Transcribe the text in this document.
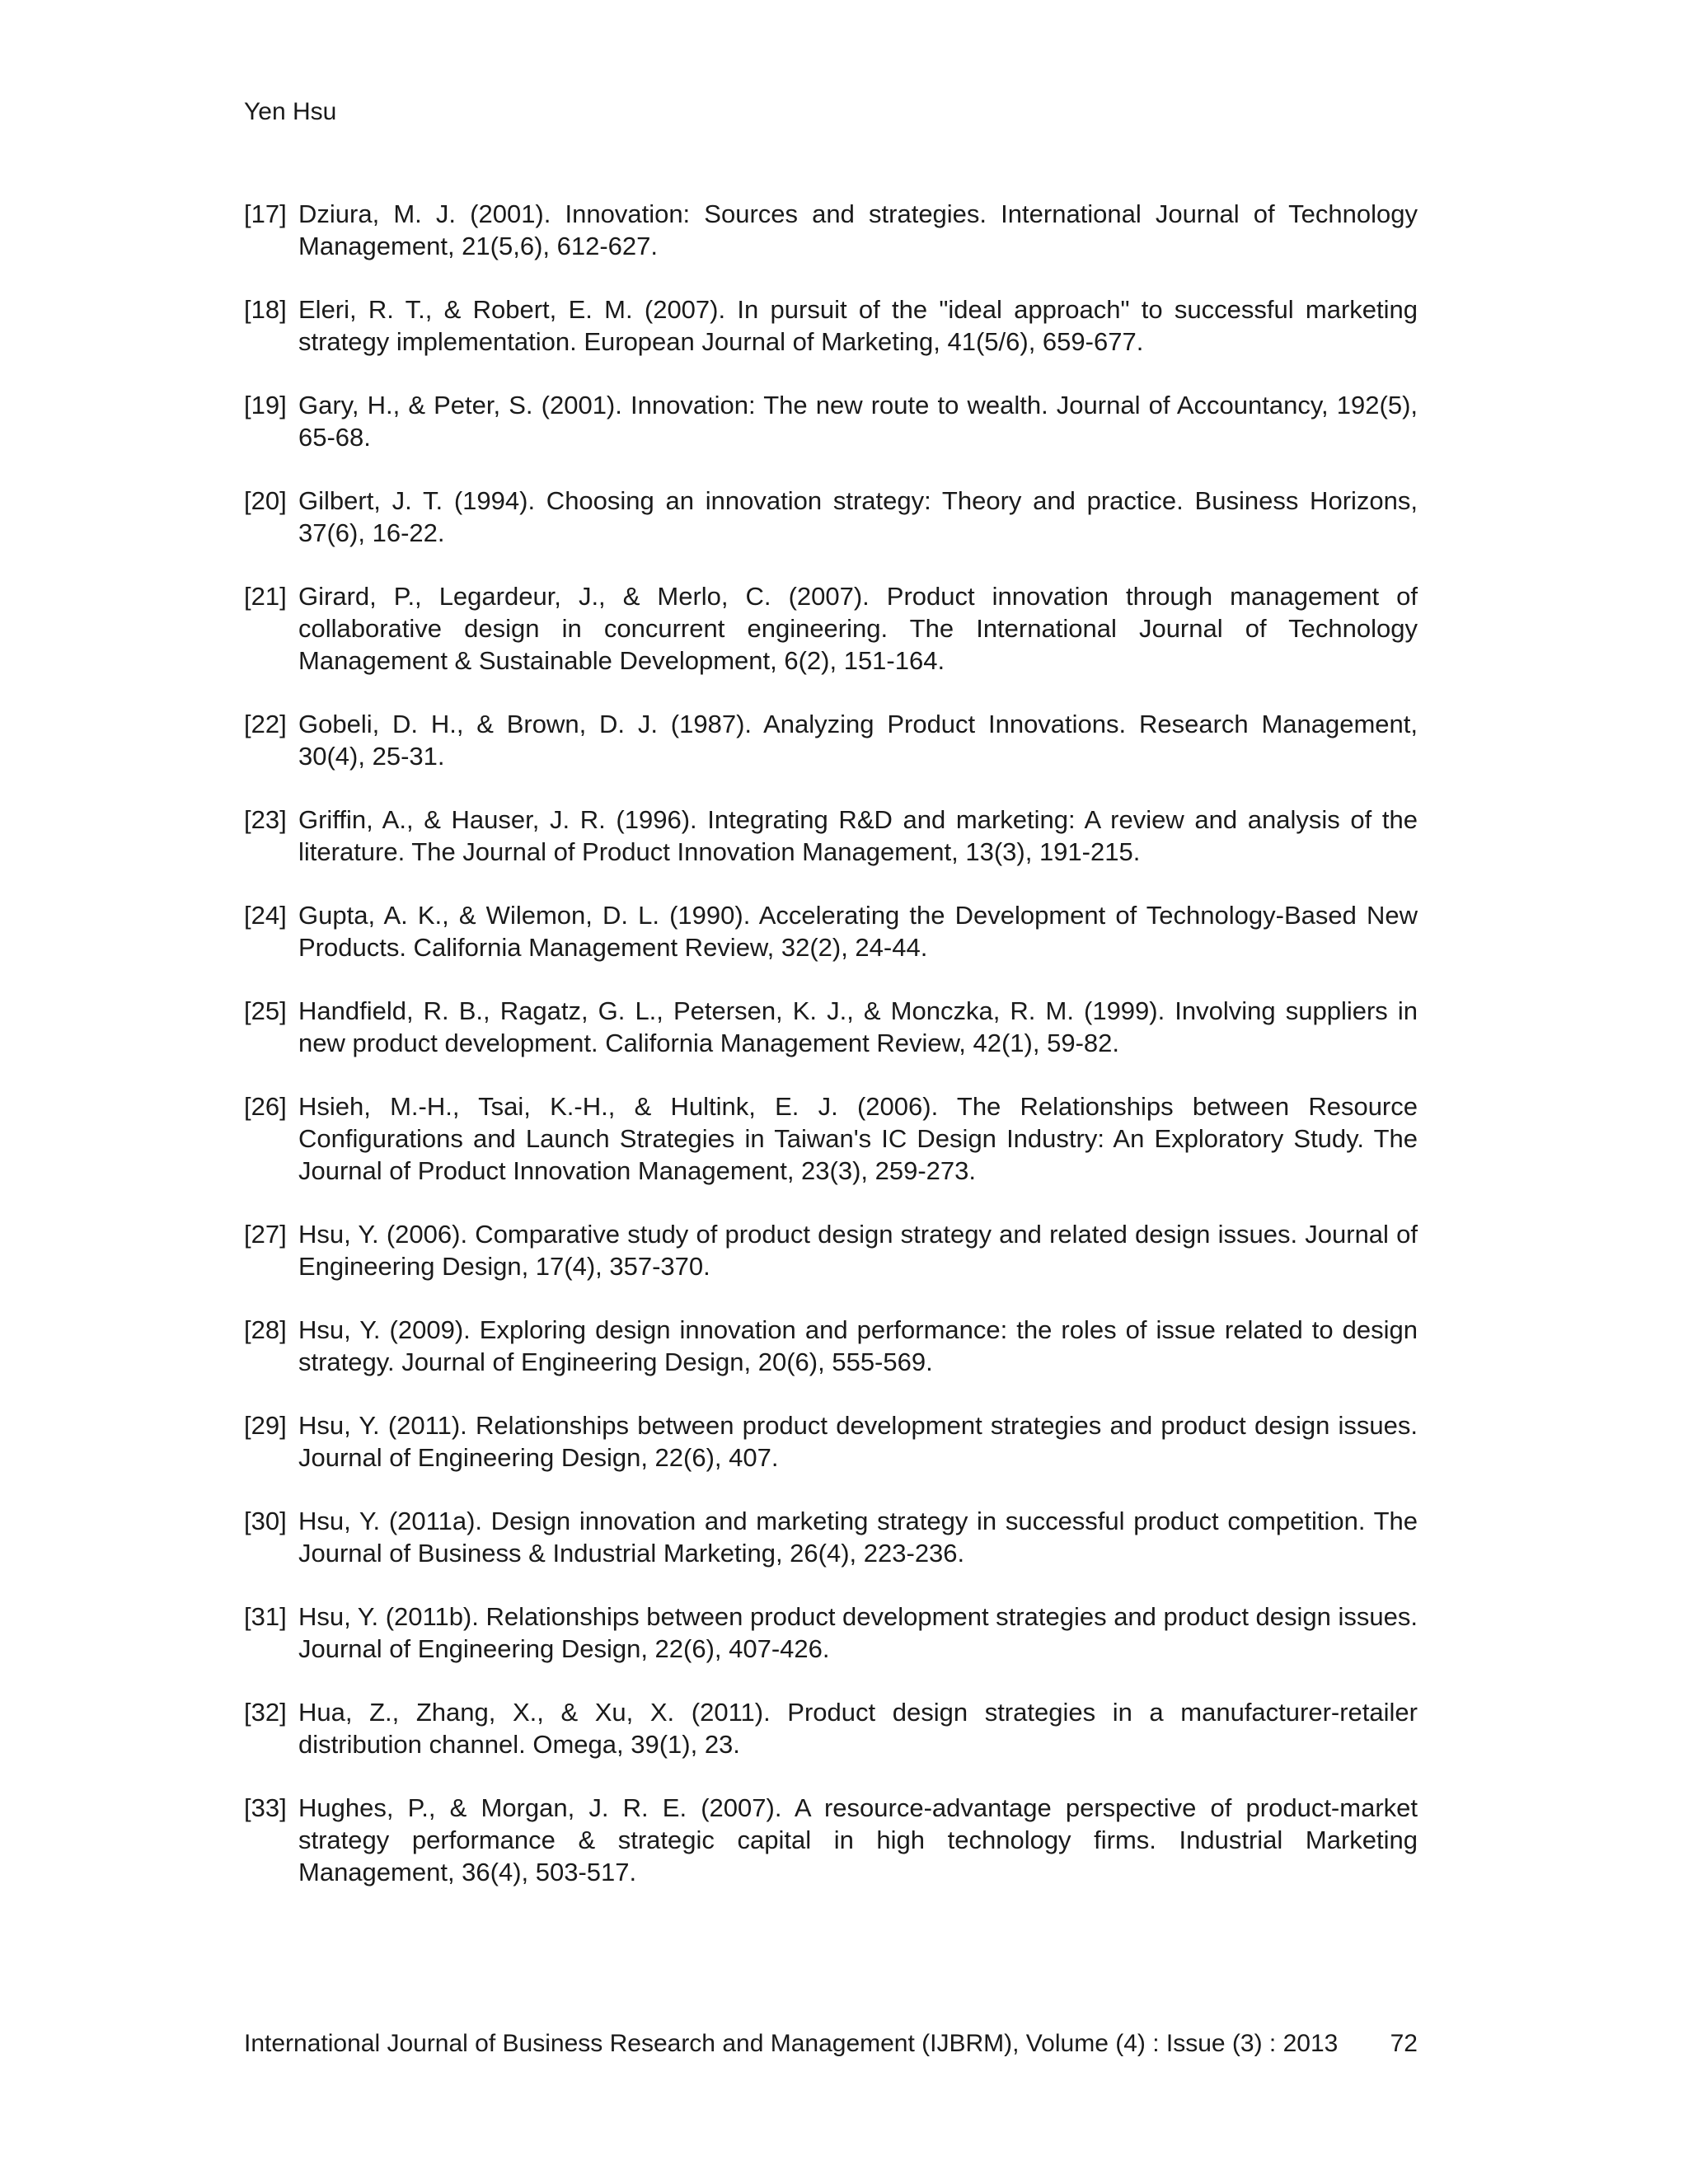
Yen Hsu
[17] Dziura, M. J. (2001). Innovation: Sources and strategies. International Journal of Technology Management, 21(5,6), 612-627.
[18] Eleri, R. T., & Robert, E. M. (2007). In pursuit of the "ideal approach" to successful marketing strategy implementation. European Journal of Marketing, 41(5/6), 659-677.
[19] Gary, H., & Peter, S. (2001). Innovation: The new route to wealth. Journal of Accountancy, 192(5), 65-68.
[20] Gilbert, J. T. (1994). Choosing an innovation strategy: Theory and practice. Business Horizons, 37(6), 16-22.
[21] Girard, P., Legardeur, J., & Merlo, C. (2007). Product innovation through management of collaborative design in concurrent engineering. The International Journal of Technology Management & Sustainable Development, 6(2), 151-164.
[22] Gobeli, D. H., & Brown, D. J. (1987). Analyzing Product Innovations. Research Management, 30(4), 25-31.
[23] Griffin, A., & Hauser, J. R. (1996). Integrating R&D and marketing: A review and analysis of the literature. The Journal of Product Innovation Management, 13(3), 191-215.
[24] Gupta, A. K., & Wilemon, D. L. (1990). Accelerating the Development of Technology-Based New Products. California Management Review, 32(2), 24-44.
[25] Handfield, R. B., Ragatz, G. L., Petersen, K. J., & Monczka, R. M. (1999). Involving suppliers in new product development. California Management Review, 42(1), 59-82.
[26] Hsieh, M.-H., Tsai, K.-H., & Hultink, E. J. (2006). The Relationships between Resource Configurations and Launch Strategies in Taiwan's IC Design Industry: An Exploratory Study. The Journal of Product Innovation Management, 23(3), 259-273.
[27] Hsu, Y. (2006). Comparative study of product design strategy and related design issues. Journal of Engineering Design, 17(4), 357-370.
[28] Hsu, Y. (2009). Exploring design innovation and performance: the roles of issue related to design strategy. Journal of Engineering Design, 20(6), 555-569.
[29] Hsu, Y. (2011). Relationships between product development strategies and product design issues. Journal of Engineering Design, 22(6), 407.
[30] Hsu, Y. (2011a). Design innovation and marketing strategy in successful product competition. The Journal of Business & Industrial Marketing, 26(4), 223-236.
[31] Hsu, Y. (2011b). Relationships between product development strategies and product design issues. Journal of Engineering Design, 22(6), 407-426.
[32] Hua, Z., Zhang, X., & Xu, X. (2011). Product design strategies in a manufacturer-retailer distribution channel. Omega, 39(1), 23.
[33] Hughes, P., & Morgan, J. R. E. (2007). A resource-advantage perspective of product-market strategy performance & strategic capital in high technology firms. Industrial Marketing Management, 36(4), 503-517.
International Journal of Business Research and Management (IJBRM), Volume (4) : Issue (3) : 2013 72
